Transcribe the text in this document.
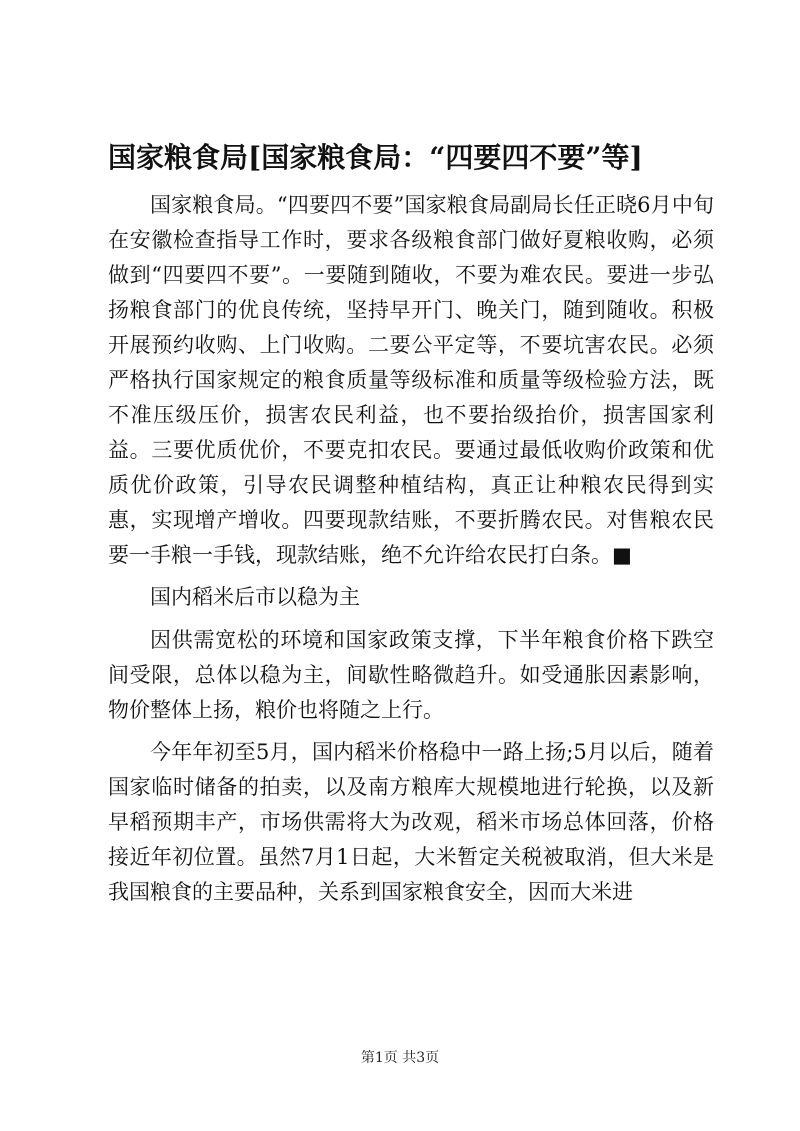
国家粮食局[国家粮食局：“四要四不要”等]

国家粮食局。“四要四不要”国家粮食局副局长任正晓6月中旬在安徽检查指导工作时，要求各级粮食部门做好夏粮收购，必须做到“四要四不要”。一要随到随收，不要为难农民。要进一步弘扬粮食部门的优良传统，坚持早开门、晚关门，随到随收。积极开展预约收购、上门收购。二要公平定等，不要坑害农民。必须严格执行国家规定的粮食质量等级标准和质量等级检验方法，既不准压级压价，损害农民利益，也不要抬级抬价，损害国家利益。三要优质优价，不要克扣农民。要通过最低收购价政策和优质优价政策，引导农民调整种植结构，真正让种粮农民得到实惠，实现增产增收。四要现款结账，不要折腾农民。对售粮农民要一手粮一手钱，现款结账，绝不允许给农民打白条。■

国内稻米后市以稳为主

因供需宽松的环境和国家政策支撑，下半年粮食价格下跌空间受限，总体以稳为主，间歇性略微趋升。如受通胀因素影响，物价整体上扬，粮价也将随之上行。

今年年初至5月，国内稻米价格稳中一路上扬;5月以后，随着国家临时储备的拍卖，以及南方粮库大规模地进行轮换，以及新早稻预期丰产，市场供需将大为改观，稻米市场总体回落，价格接近年初位置。虽然7月1日起，大米暂定关税被取消，但大米是我国粮食的主要品种，关系到国家粮食安全，因而大米进

第1页 共3页
